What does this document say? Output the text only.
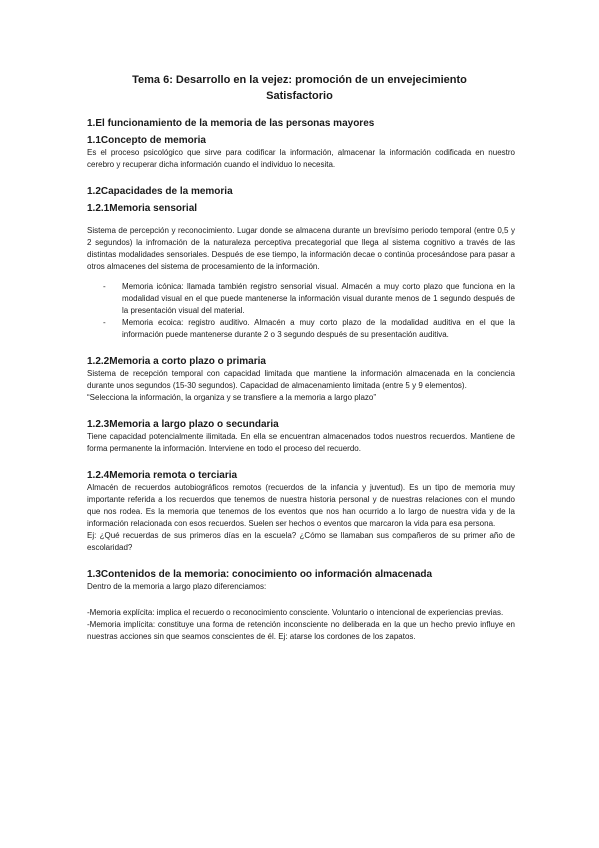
Tema 6: Desarrollo en la vejez: promoción de un envejecimiento
Satisfactorio
1.El funcionamiento de la memoria de las personas mayores
1.1Concepto de memoria

Es el proceso psicológico que sirve para codificar la información, almacenar la información codificada en nuestro cerebro y recuperar dicha información cuando el individuo lo necesita.

1.2Capacidades de la memoria
1.2.1Memoria sensorial

Sistema de percepción y reconocimiento. Lugar donde se almacena durante un brevísimo periodo temporal (entre 0,5 y 2 segundos) la infromación de la naturaleza perceptiva precategorial que llega al sistema cognitivo a través de las distintas modalidades sensoriales. Después de ese tiempo, la información decae o continúa procesándose para pasar a otros almacenes del sistema de procesamiento de la información.

- Memoria icónica: llamada también registro sensorial visual. Almacén a muy corto plazo que funciona en la modalidad visual en el que puede mantenerse la información visual durante menos de 1 segundo después de la presentación visual del material.
- Memoria ecoica: registro auditivo. Almacén a muy corto plazo de la modalidad auditiva en el que la información puede mantenerse durante 2 o 3 segundo después de su presentación auditiva.
1.2.2Memoria a corto plazo o primaria

Sistema de recepción temporal con capacidad limitada que mantiene la información almacenada en la conciencia durante unos segundos (15-30 segundos). Capacidad de almacenamiento limitada (entre 5 y 9 elementos).

“Selecciona la información, la organiza y se transfiere a la memoria a largo plazo”

1.2.3Memoria a largo plazo o secundaria

Tiene capacidad potencialmente ilimitada. En ella se encuentran almacenados todos nuestros recuerdos. Mantiene de forma permanente la información. Interviene en todo el proceso del recuerdo.

1.2.4Memoria remota o terciaria

Almacén de recuerdos autobiográficos remotos (recuerdos de la infancia y juventud). Es un tipo de memoria muy importante referida a los recuerdos que tenemos de nuestra historia personal y de nuestras relaciones con el mundo que nos rodea. Es la memoria que tenemos de los eventos que nos han ocurrido a lo largo de nuestra vida y de la información relacionada con esos recuerdos. Suelen ser hechos o eventos que marcaron la vida para esa persona.

Ej: ¿Qué recuerdas de sus primeros días en la escuela? ¿Cómo se llamaban sus compañeros de su primer año de escolaridad?

1.3Contenidos de la memoria: conocimiento oo información almacenada

Dentro de la memoria a largo plazo diferenciamos:

-Memoria explícita: implica el recuerdo o reconocimiento consciente. Voluntario o intencional de experiencias previas.

-Memoria implícita: constituye una forma de retención inconsciente no deliberada en la que un hecho previo influye en nuestras acciones sin que seamos conscientes de él. Ej: atarse los cordones de los zapatos.
